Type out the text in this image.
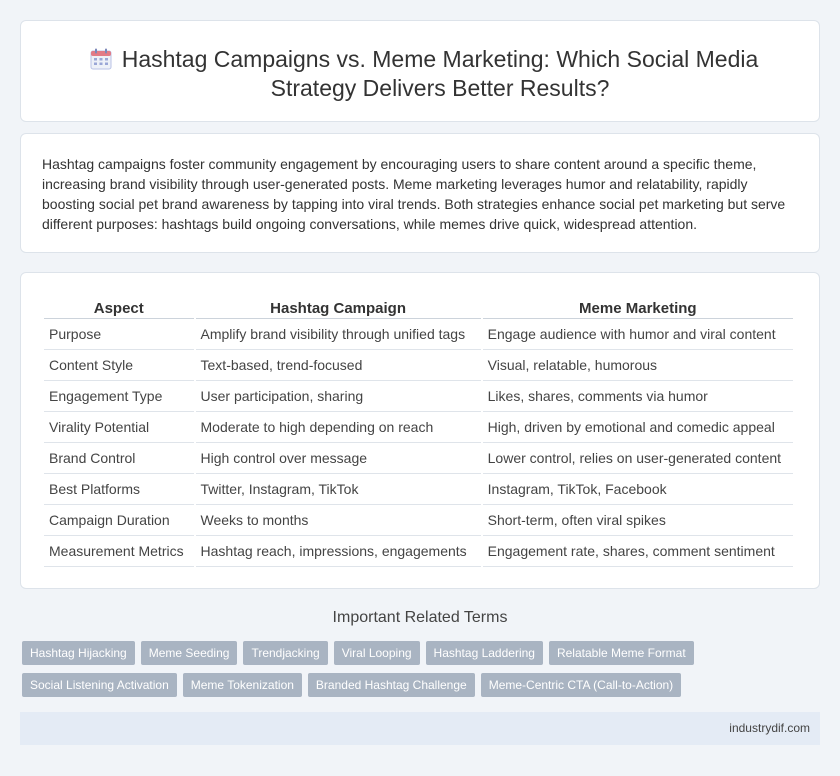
Hashtag Campaigns vs. Meme Marketing: Which Social Media Strategy Delivers Better Results?

Hashtag campaigns foster community engagement by encouraging users to share content around a specific theme, increasing brand visibility through user-generated posts. Meme marketing leverages humor and relatability, rapidly boosting social pet brand awareness by tapping into viral trends. Both strategies enhance social pet marketing but serve different purposes: hashtags build ongoing conversations, while memes drive quick, widespread attention.

Aspect	Hashtag Campaign	Meme Marketing
Purpose	Amplify brand visibility through unified tags	Engage audience with humor and viral content
Content Style	Text-based, trend-focused	Visual, relatable, humorous
Engagement Type	User participation, sharing	Likes, shares, comments via humor
Virality Potential	Moderate to high depending on reach	High, driven by emotional and comedic appeal
Brand Control	High control over message	Lower control, relies on user-generated content
Best Platforms	Twitter, Instagram, TikTok	Instagram, TikTok, Facebook
Campaign Duration	Weeks to months	Short-term, often viral spikes
Measurement Metrics	Hashtag reach, impressions, engagements	Engagement rate, shares, comment sentiment
Important Related Terms
Hashtag Hijacking	Meme Seeding	Trendjacking	Viral Looping	Hashtag Laddering	Relatable Meme Format
Social Listening Activation	Meme Tokenization	Branded Hashtag Challenge	Meme-Centric CTA (Call-to-Action)
industrydif.com
